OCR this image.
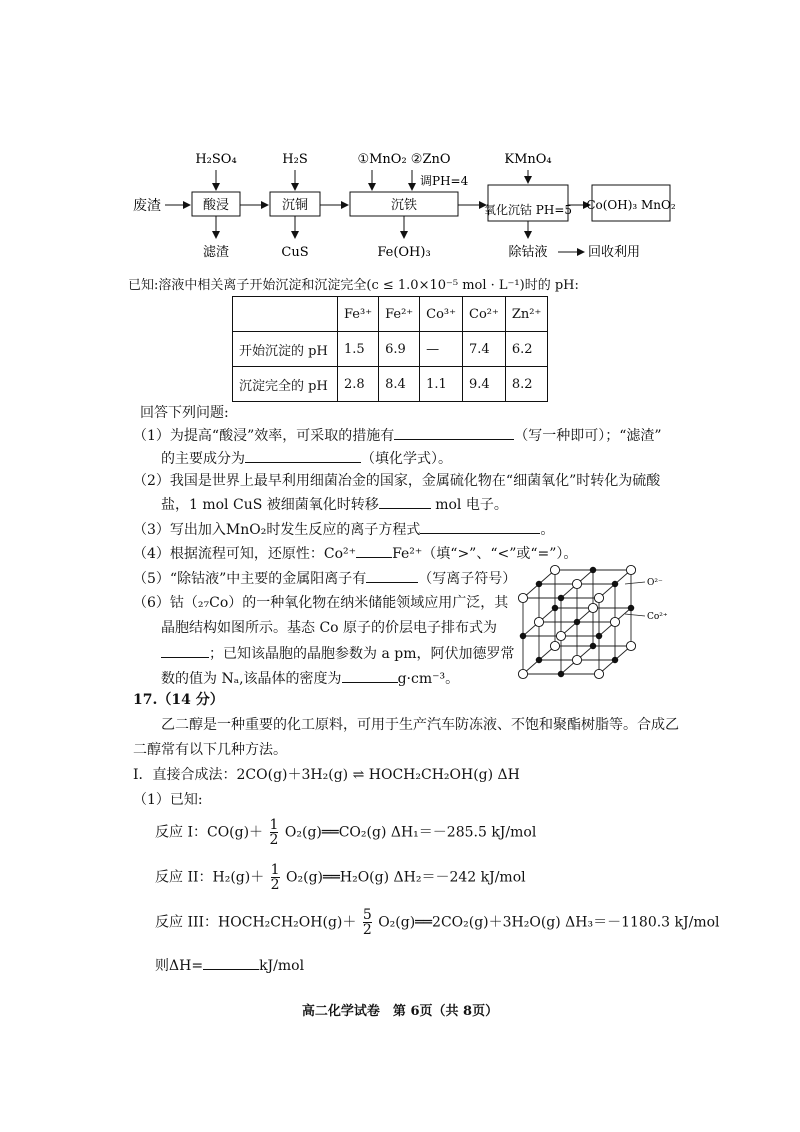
废渣	酸浸	沉铜	沉铁	氧化沉钴 PH=5 Co(OH)₃ MnO₂
H₂SO₄	H₂S	①MnO₂ ②ZnO
调PH=4
KMnO₄
滤渣	CuS	Fe(OH)₃	除钴液	回收利用
已知:溶液中相关离子开始沉淀和沉淀完全(c ≤ 1.0×10⁻⁵ mol · L⁻¹)时的 pH:
	Fe³⁺	Fe²⁺	Co³⁺	Co²⁺	Zn²⁺
开始沉淀的 pH	1.5	6.9	—	7.4	6.2
沉淀完全的 pH	2.8	8.4	1.1	9.4	8.2
回答下列问题:
（1）为提高“酸浸”效率，可采取的措施有	（写一种即可）；“滤渣”
的主要成分为	（填化学式）。
（2）我国是世界上最早利用细菌冶金的国家，金属硫化物在“细菌氧化”时转化为硫酸
盐，1 mol CuS 被细菌氧化时转移	mol 电子。
（3）写出加入MnO₂时发生反应的离子方程式	。
（4）根据流程可知，还原性：Co²⁺	Fe²⁺（填“>”、“<”或“=”）。
（5）“除钴液”中主要的金属阳离子有	（写离子符号）
（6）钴（₂₇Co）的一种氧化物在纳米储能领域应用广泛，其
晶胞结构如图所示。基态 Co 原子的价层电子排布式为
；已知该晶胞的晶胞参数为 a pm，阿伏加德罗常
数的值为 Nₐ,该晶体的密度为	g·cm⁻³。
O²⁻
Co²⁺
17.（14 分）
乙二醇是一种重要的化工原料，可用于生产汽车防冻液、不饱和聚酯树脂等。合成乙
二醇常有以下几种方法。
I．直接合成法：2CO(g)＋3H₂(g) ⇌ HOCH₂CH₂OH(g) ΔH
（1）已知:
反应 I：$CO(g)+ \frac{1}{2}$ O₂(g)══CO₂(g) ΔH₁＝－285.5 kJ/mol
反应 II：$H_2(g)+ \frac{1}{2}$ O₂(g)══H₂O(g) ΔH₂＝－242 kJ/mol
反应 III：HOCH₂CH₂OH(g)＋ $\frac{5}{2}$ O₂(g)══2CO₂(g)＋3H₂O(g) ΔH₃＝－1180.3 kJ/mol
则ΔH=	kJ/mol
高二化学试卷　第 6页（共 8页）
